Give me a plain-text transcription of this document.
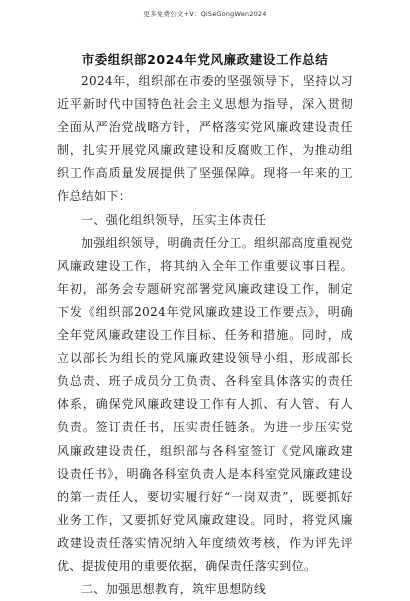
更多免费公文+V：QiSeGongWen2024
市委组织部2024年党风廉政建设工作总结

2024年，组织部在市委的坚强领导下，坚持以习近平新时代中国特色社会主义思想为指导，深入贯彻全面从严治党战略方针，严格落实党风廉政建设责任制，扎实开展党风廉政建设和反腐败工作，为推动组织工作高质量发展提供了坚强保障。现将一年来的工作总结如下：

一、强化组织领导，压实主体责任

加强组织领导，明确责任分工。组织部高度重视党风廉政建设工作，将其纳入全年工作重要议事日程。年初，部务会专题研究部署党风廉政建设工作，制定下发《组织部2024年党风廉政建设工作要点》，明确全年党风廉政建设工作目标、任务和措施。同时，成立以部长为组长的党风廉政建设领导小组，形成部长负总责、班子成员分工负责、各科室具体落实的责任体系，确保党风廉政建设工作有人抓、有人管、有人负责。签订责任书，压实责任链条。为进一步压实党风廉政建设责任，组织部与各科室签订《党风廉政建设责任书》，明确各科室负责人是本科室党风廉政建设的第一责任人，要切实履行好“一岗双责”，既要抓好业务工作，又要抓好党风廉政建设。同时，将党风廉政建设责任落实情况纳入年度绩效考核，作为评先评优、提拔使用的重要依据，确保责任落实到位。

二、加强思想教育，筑牢思想防线
